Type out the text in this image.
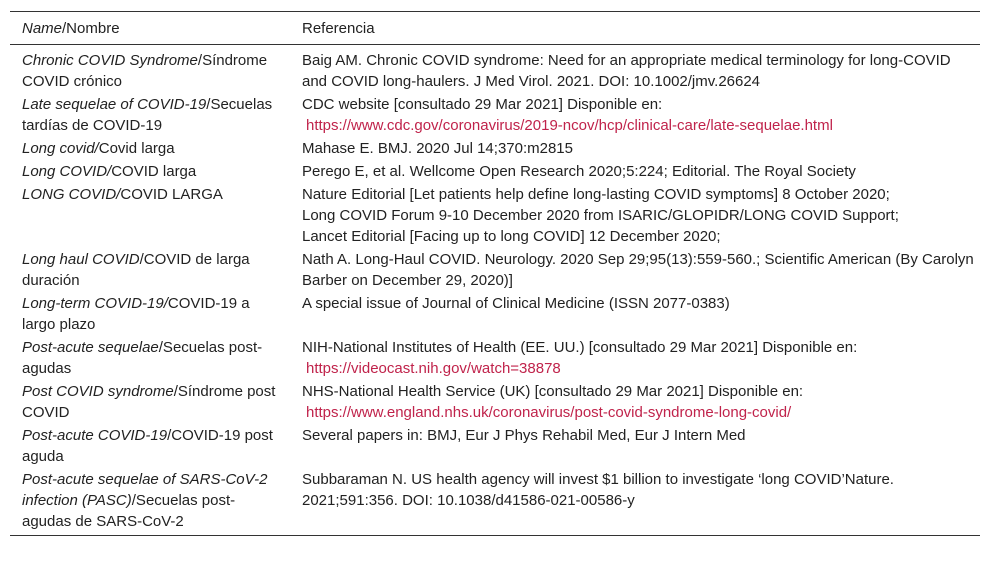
Name/Nombre	Referencia
Chronic COVID Syndrome/Síndrome COVID crónico	Baig AM. Chronic COVID syndrome: Need for an appropriate medical terminology for long-COVID and COVID long-haulers. J Med Virol. 2021. DOI: 10.1002/jmv.26624

Late sequelae of COVID-19/Secuelas tardías de COVID-19	CDC website [consultado 29 Mar 2021] Disponible en:
https://www.cdc.gov/coronavirus/2019-ncov/hcp/clinical-care/late-sequelae.html

Long covid/Covid larga	Mahase E. BMJ. 2020 Jul 14;370:m2815

Long COVID/COVID larga	Perego E, et al. Wellcome Open Research 2020;5:224; Editorial. The Royal Society

LONG COVID/COVID LARGA	Nature Editorial [Let patients help define long-lasting COVID symptoms] 8 October 2020;
Long COVID Forum 9-10 December 2020 from ISARIC/GLOPIDR/LONG COVID Support;
Lancet Editorial [Facing up to long COVID] 12 December 2020;

Long haul COVID/COVID de larga duración	Nath A. Long-Haul COVID. Neurology. 2020 Sep 29;95(13):559-560.; Scientific American (By Carolyn Barber on December 29, 2020)]

Long-term COVID-19/COVID-19 a largo plazo	A special issue of Journal of Clinical Medicine (ISSN 2077-0383)

Post-acute sequelae/Secuelas post-agudas	NIH-National Institutes of Health (EE. UU.) [consultado 29 Mar 2021] Disponible en:
https://videocast.nih.gov/watch=38878

Post COVID syndrome/Síndrome post COVID	NHS-National Health Service (UK) [consultado 29 Mar 2021] Disponible en:
https://www.england.nhs.uk/coronavirus/post-covid-syndrome-long-covid/

Post-acute COVID-19/COVID-19 post aguda	Several papers in: BMJ, Eur J Phys Rehabil Med, Eur J Intern Med

Post-acute sequelae of SARS-CoV-2 infection (PASC)/Secuelas post-agudas de SARS-CoV-2	Subbaraman N. US health agency will invest $1 billion to investigate ‘long COVID’Nature. 2021;591:356. DOI: 10.1038/d41586-021-00586-y
